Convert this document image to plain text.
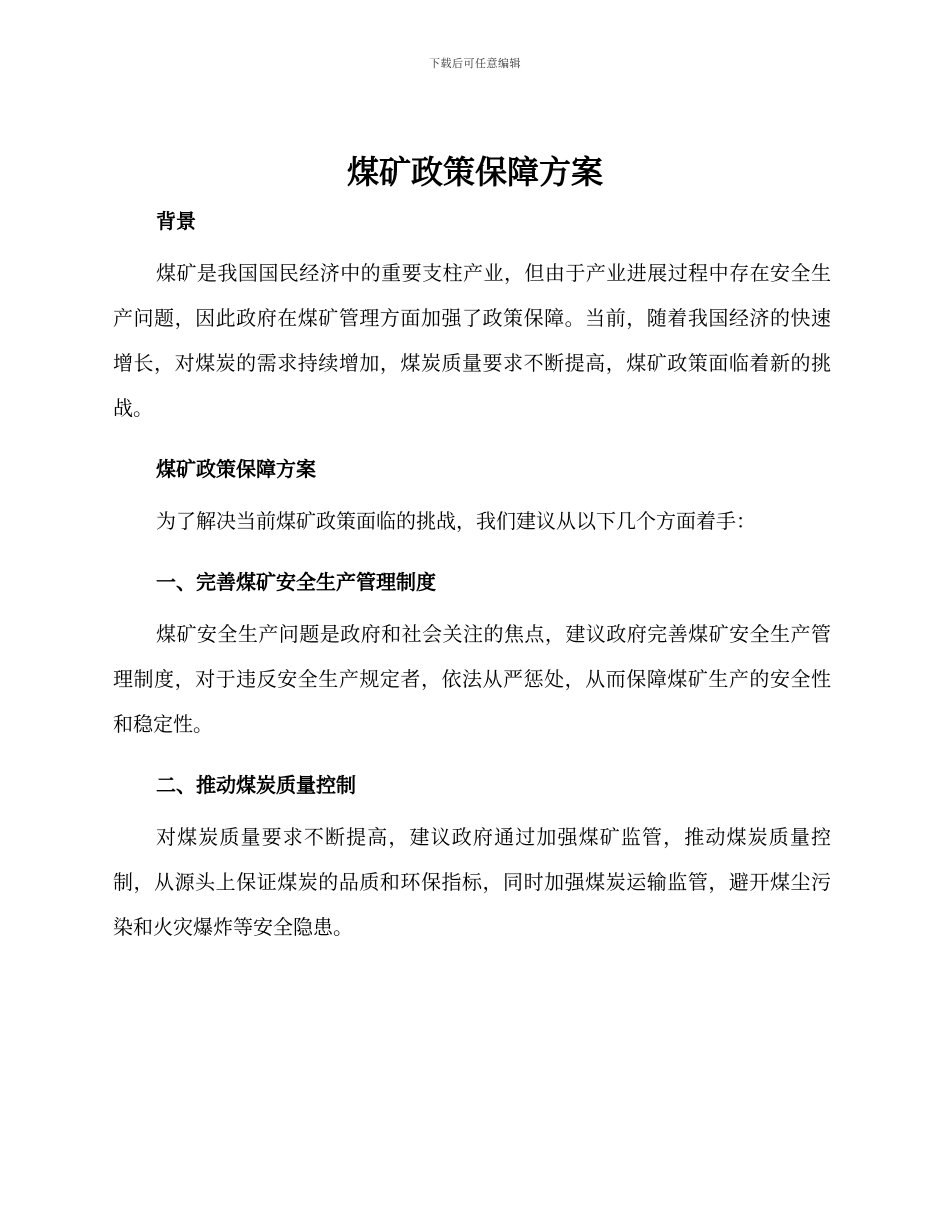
下载后可任意编辑
煤矿政策保障方案

背景

煤矿是我国国民经济中的重要支柱产业，但由于产业进展过程中存在安全生产问题，因此政府在煤矿管理方面加强了政策保障。当前，随着我国经济的快速增长，对煤炭的需求持续增加，煤炭质量要求不断提高，煤矿政策面临着新的挑战。

煤矿政策保障方案

为了解决当前煤矿政策面临的挑战，我们建议从以下几个方面着手：

一、完善煤矿安全生产管理制度

煤矿安全生产问题是政府和社会关注的焦点，建议政府完善煤矿安全生产管理制度，对于违反安全生产规定者，依法从严惩处，从而保障煤矿生产的安全性和稳定性。

二、推动煤炭质量控制

对煤炭质量要求不断提高，建议政府通过加强煤矿监管，推动煤炭质量控制，从源头上保证煤炭的品质和环保指标，同时加强煤炭运输监管，避开煤尘污染和火灾爆炸等安全隐患。
